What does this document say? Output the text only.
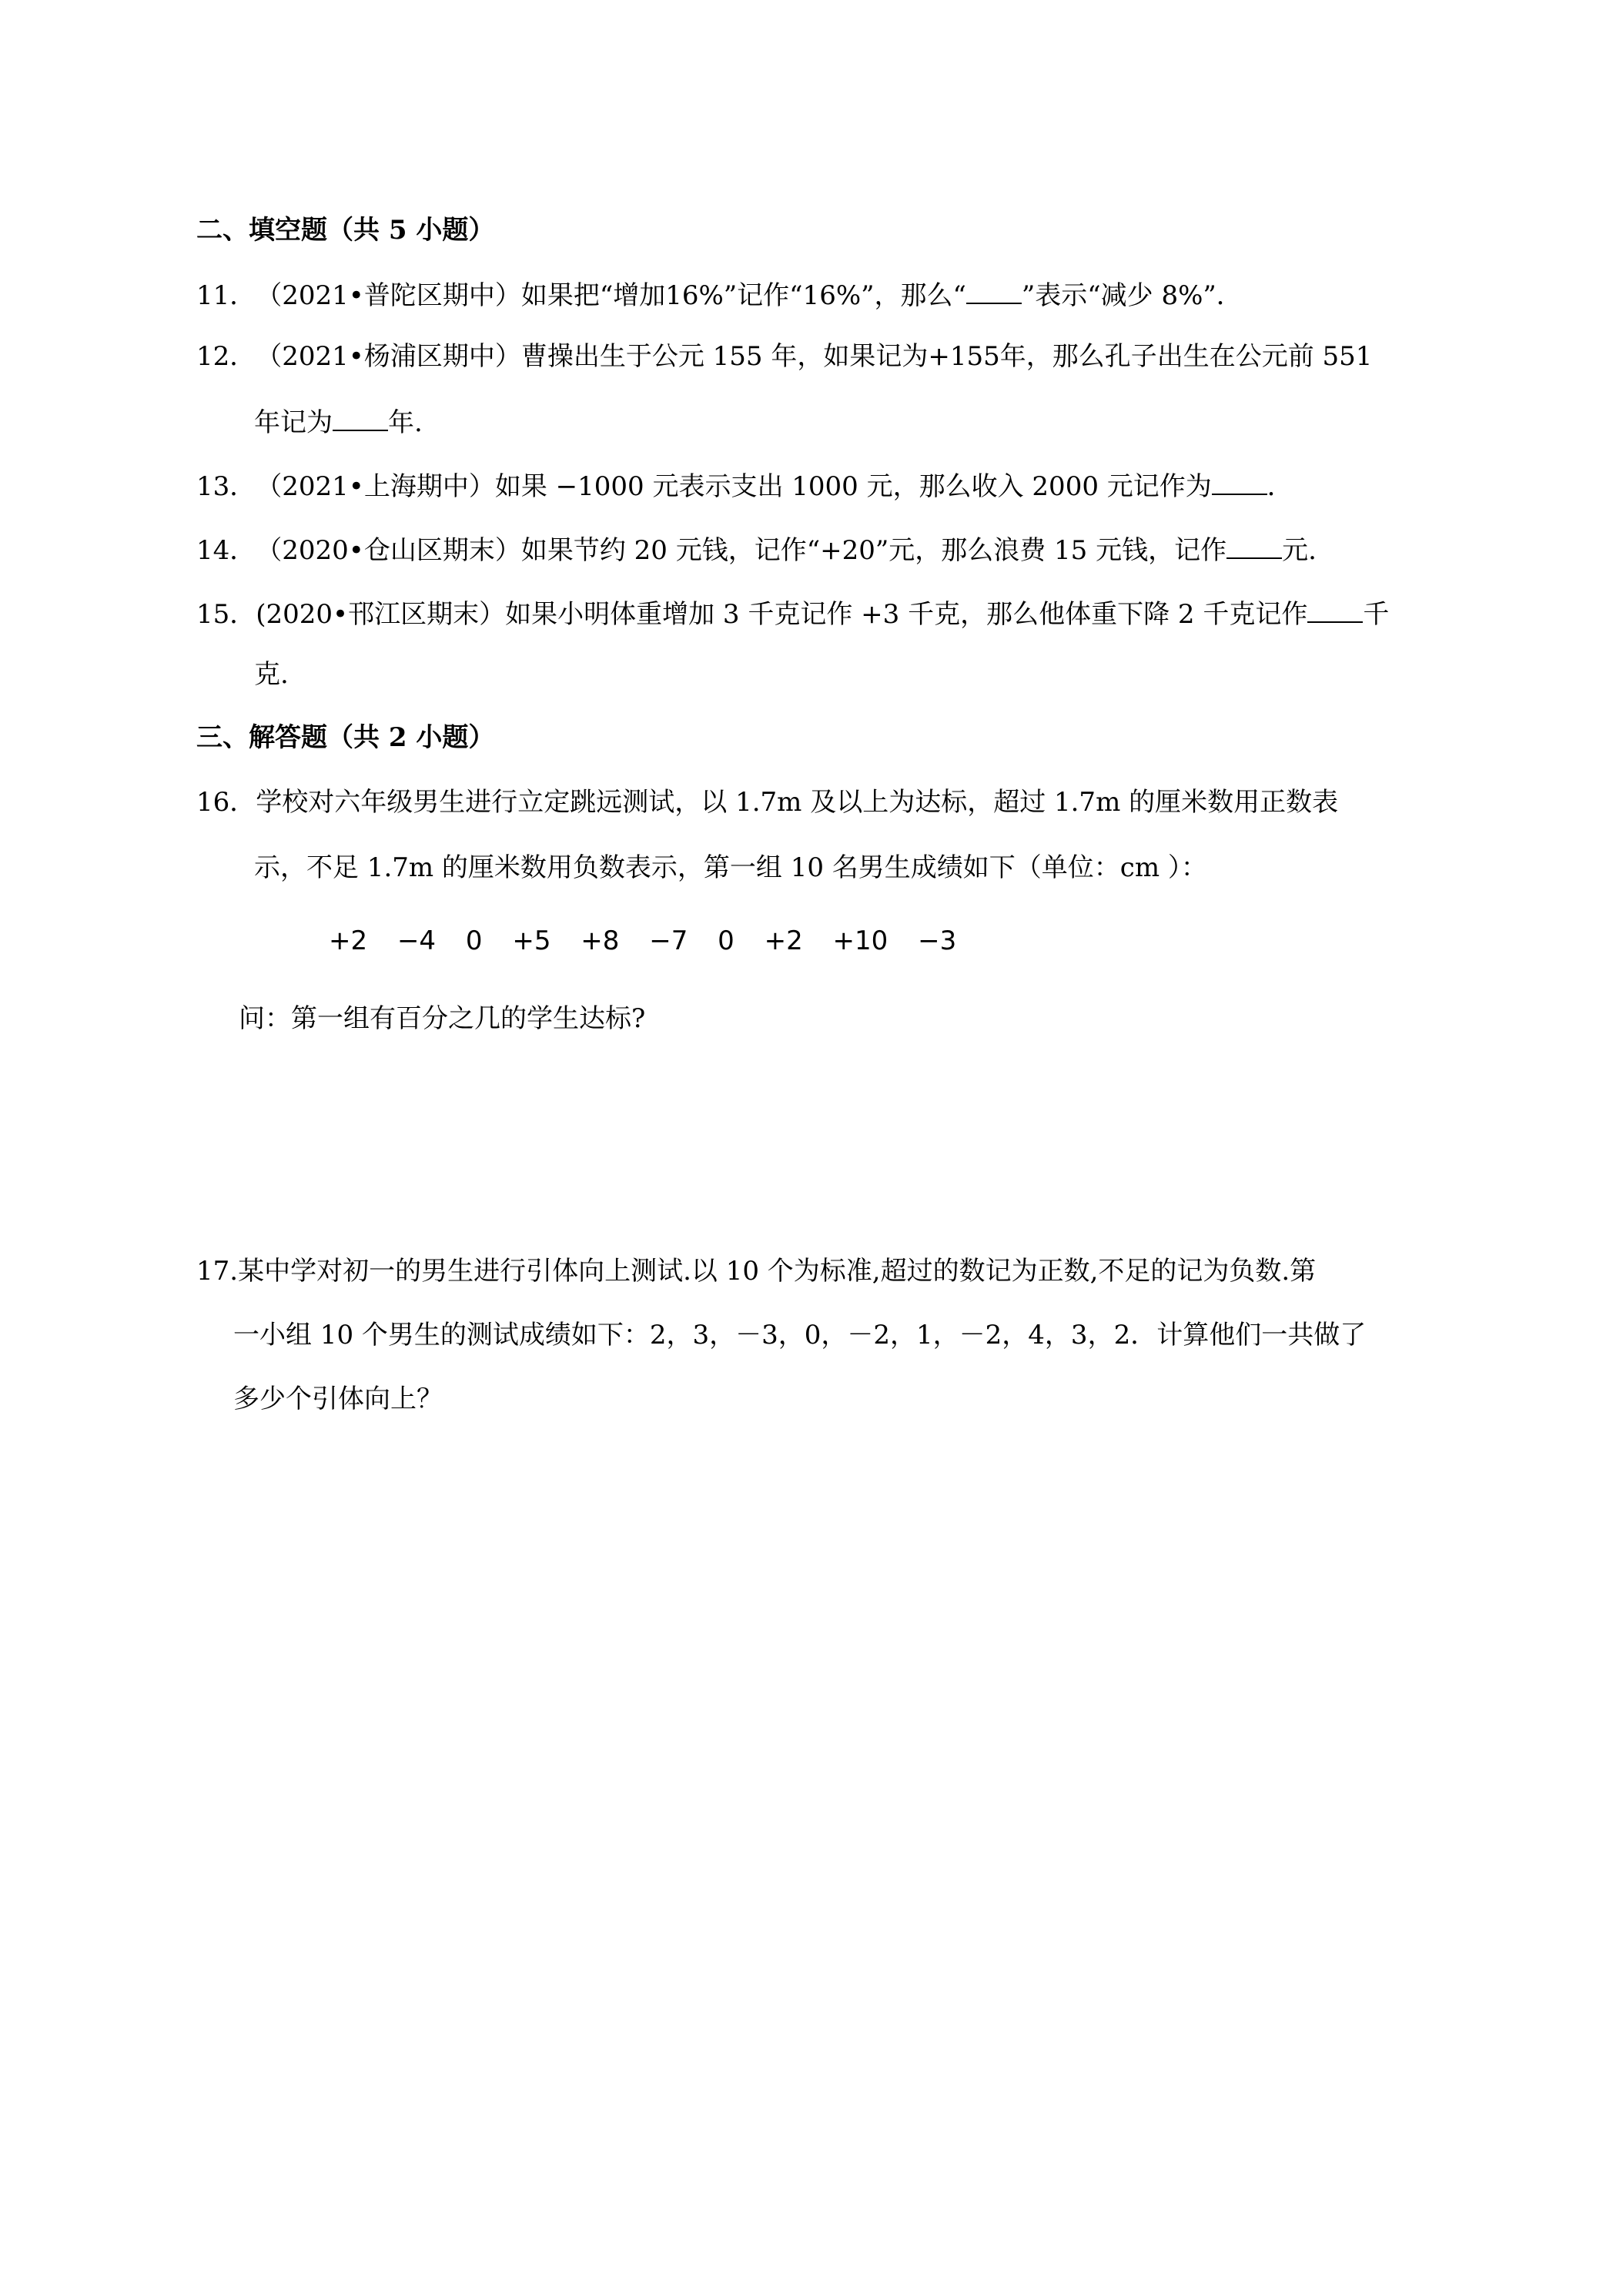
二、填空题（共 5 小题）
11．（2021•普陀区期中）如果把“增加16%”记作“16%”，那么“ ”表示“减少 8%”．
12．（2021•杨浦区期中）曹操出生于公元 155 年，如果记为+155年，那么孔子出生在公元前 551
年记为 年.
13．（2021•上海期中）如果 −1000 元表示支出 1000 元，那么收入 2000 元记作为 ．
14．（2020•仓山区期末）如果节约 20 元钱，记作“+20”元，那么浪费 15 元钱，记作 元.
15．(2020•邗江区期末）如果小明体重增加 3 千克记作 +3 千克，那么他体重下降 2 千克记作 千
克.
三、解答题（共 2 小题）
16．学校对六年级男生进行立定跳远测试，以 1.7m 及以上为达标，超过 1.7m 的厘米数用正数表
示，不足 1.7m 的厘米数用负数表示，第一组 10 名男生成绩如下（单位：cm ）：
+2 −4 0 +5 +8 −7 0 +2 +10 −3
问：第一组有百分之几的学生达标?
17.某中学对初一的男生进行引体向上测试.以 10 个为标准,超过的数记为正数,不足的记为负数.第
一小组 10 个男生的测试成绩如下：2，3，－3，0，－2，1，－2，4，3，2．计算他们一共做了
多少个引体向上？
